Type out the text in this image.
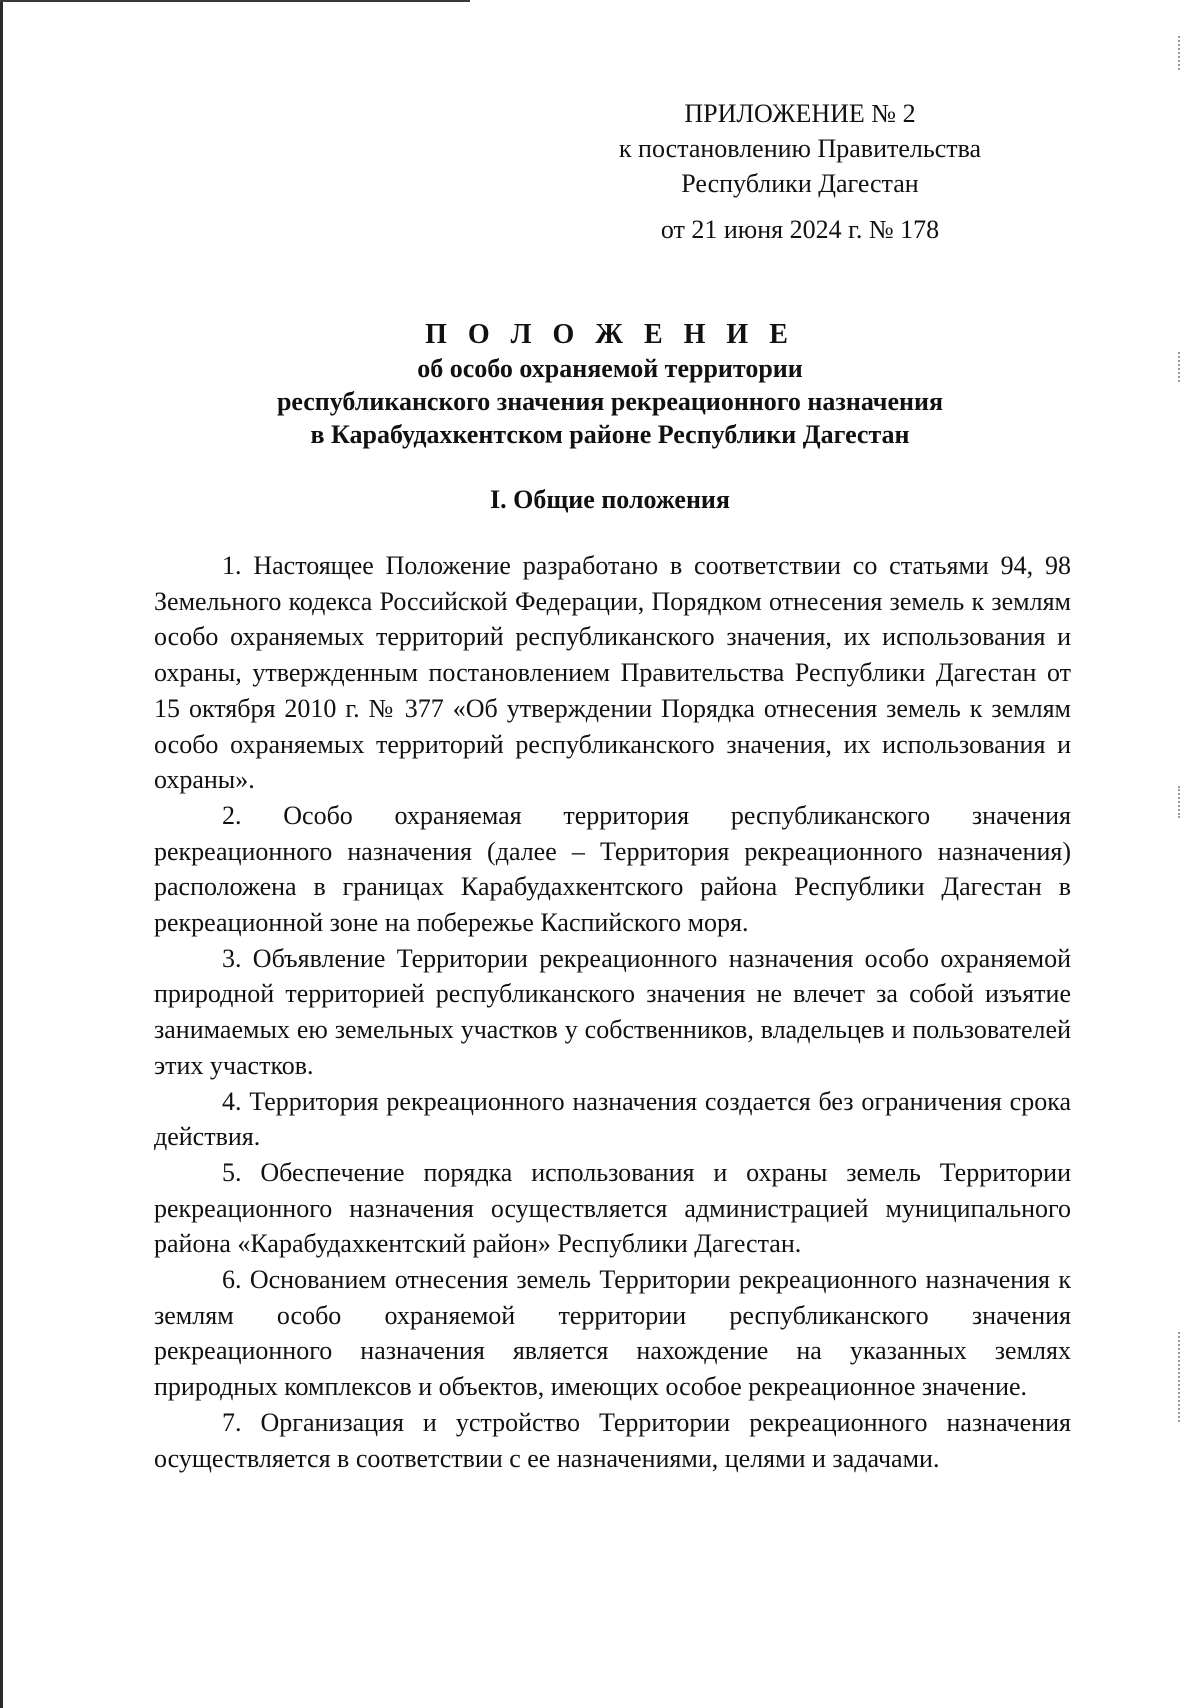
ПРИЛОЖЕНИЕ № 2
к постановлению Правительства
Республики Дагестан
от 21 июня 2024 г. № 178
П О Л О Ж Е Н И Е
об особо охраняемой территории
республиканского значения рекреационного назначения
в Карабудахкентском районе Республики Дагестан
I. Общие положения

1. Настоящее Положение разработано в соответствии со статьями 94, 98 Земельного кодекса Российской Федерации, Порядком отнесения земель к землям особо охраняемых территорий республиканского значения, их использования и охраны, утвержденным постановлением Правительства Республики Дагестан от 15 октября 2010 г. № 377 «Об утверждении Порядка отнесения земель к землям особо охраняемых территорий республиканского значения, их использования и охраны».

2. Особо охраняемая территория республиканского значения рекреационного назначения (далее – Территория рекреационного назначения) расположена в границах Карабудахкентского района Республики Дагестан в рекреационной зоне на побережье Каспийского моря.

3. Объявление Территории рекреационного назначения особо охраняемой природной территорией республиканского значения не влечет за собой изъятие занимаемых ею земельных участков у собственников, владельцев и пользователей этих участков.

4. Территория рекреационного назначения создается без ограничения срока действия.

5. Обеспечение порядка использования и охраны земель Территории рекреационного назначения осуществляется администрацией муниципального района «Карабудахкентский район» Республики Дагестан.

6. Основанием отнесения земель Территории рекреационного назначения к землям особо охраняемой территории республиканского значения рекреационного назначения является нахождение на указанных землях природных комплексов и объектов, имеющих особое рекреационное значение.

7. Организация и устройство Территории рекреационного назначения осуществляется в соответствии с ее назначениями, целями и задачами.
